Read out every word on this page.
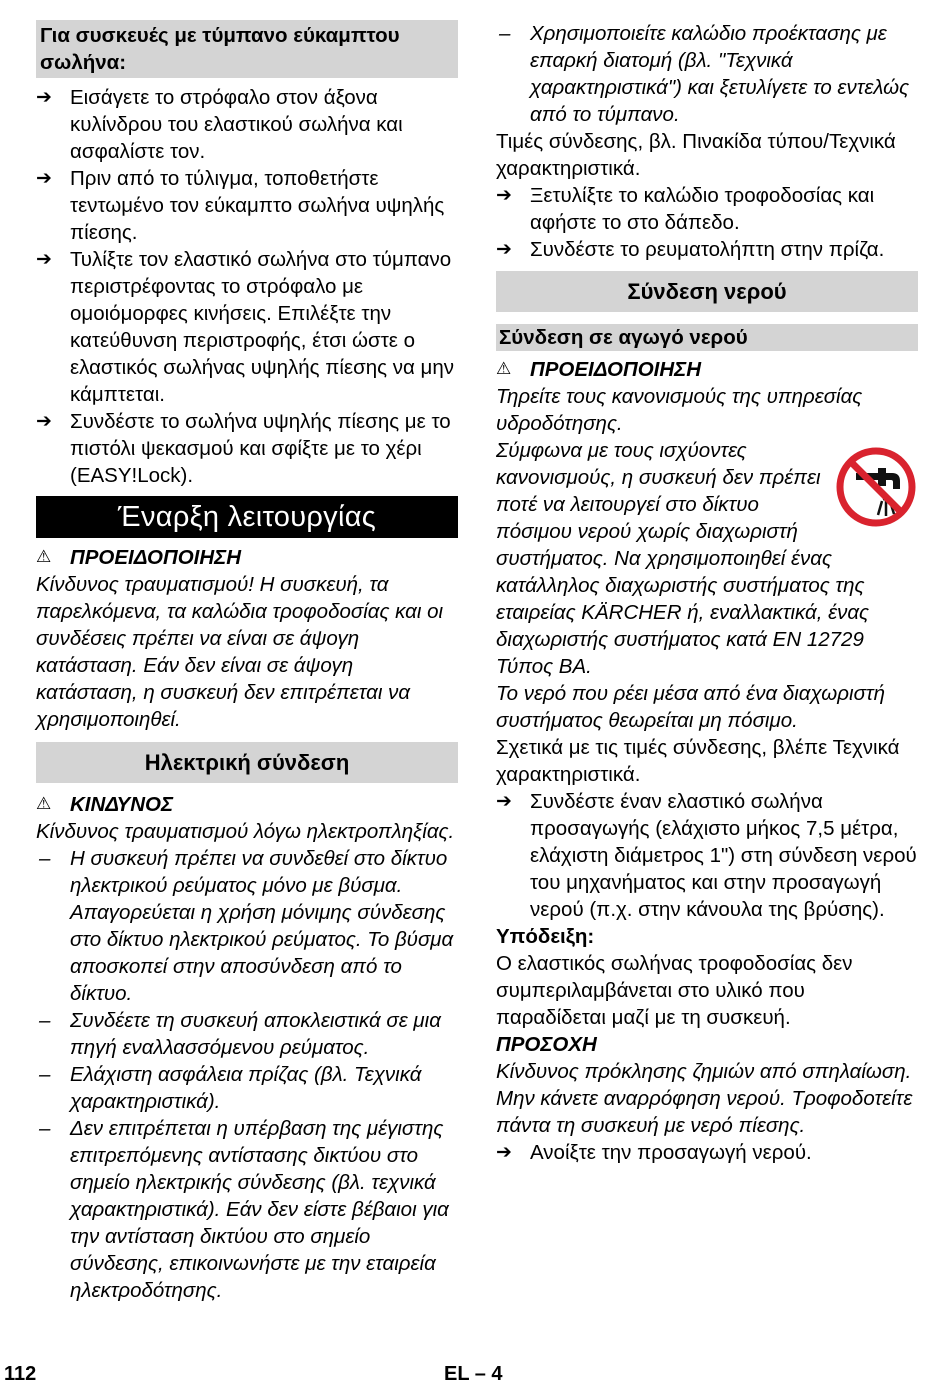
Για συσκευές με τύμπανο εύκαμπτου σωλήνα:
➔ Εισάγετε το στρόφαλο στον άξονα κυλίνδρου του ελαστικού σωλήνα και ασφαλίστε τον.
➔ Πριν από το τύλιγμα, τοποθετήστε τεντωμένο τον εύκαμπτο σωλήνα υψηλής πίεσης.
➔ Τυλίξτε τον ελαστικό σωλήνα στο τύμπανο περιστρέφοντας το στρόφαλο με ομοιόμορφες κινήσεις. Επιλέξτε την κατεύθυνση περιστροφής, έτσι ώστε ο ελαστικός σωλήνας υψηλής πίεσης να μην κάμπτεται.
➔ Συνδέστε το σωλήνα υψηλής πίεσης με το πιστόλι ψεκασμού και σφίξτε με το χέρι (EASY!Lock).
Έναρξη λειτουργίας
⚠ ΠΡΟΕΙΔΟΠΟΙΗΣΗ

Κίνδυνος τραυματισμού! Η συσκευή, τα παρελκόμενα, τα καλώδια τροφοδοσίας και οι συνδέσεις πρέπει να είναι σε άψογη κατάσταση. Εάν δεν είναι σε άψογη κατάσταση, η συσκευή δεν επιτρέπεται να χρησιμοποιηθεί.

Ηλεκτρική σύνδεση
⚠ ΚΙΝΔΥΝΟΣ

Κίνδυνος τραυματισμού λόγω ηλεκτροπληξίας.

– Η συσκευή πρέπει να συνδεθεί στο δίκτυο ηλεκτρικού ρεύματος μόνο με βύσμα. Απαγορεύεται η χρήση μόνιμης σύνδεσης στο δίκτυο ηλεκτρικού ρεύματος. Το βύσμα αποσκοπεί στην αποσύνδεση από το δίκτυο.
– Συνδέετε τη συσκευή αποκλειστικά σε μια πηγή εναλλασσόμενου ρεύματος.
– Ελάχιστη ασφάλεια πρίζας (βλ. Τεχνικά χαρακτηριστικά).
– Δεν επιτρέπεται η υπέρβαση της μέγιστης επιτρεπόμενης αντίστασης δικτύου στο σημείο ηλεκτρικής σύνδεσης (βλ. τεχνικά χαρακτηριστικά). Εάν δεν είστε βέβαιοι για την αντίσταση δικτύου στο σημείο σύνδεσης, επικοινωνήστε με την εταιρεία ηλεκτροδότησης.
– Χρησιμοποιείτε καλώδιο προέκτασης με επαρκή διατομή (βλ. "Τεχνικά χαρακτηριστικά") και ξετυλίγετε το εντελώς από το τύμπανο.

Τιμές σύνδεσης, βλ. Πινακίδα τύπου/Τεχνικά χαρακτηριστικά.

➔ Ξετυλίξτε το καλώδιο τροφοδοσίας και αφήστε το στο δάπεδο.
➔ Συνδέστε το ρευματολήπτη στην πρίζα.
Σύνδεση νερού
Σύνδεση σε αγωγό νερού
⚠ ΠΡΟΕΙΔΟΠΟΙΗΣΗ

Τηρείτε τους κανονισμούς της υπηρεσίας υδροδότησης.

Σύμφωνα με τους ισχύοντες κανονισμούς, η συσκευή δεν πρέπει ποτέ να λειτουργεί στο δίκτυο πόσιμου νερού χωρίς διαχωριστή συστήματος. Να χρησιμοποιηθεί ένας κατάλληλος διαχωριστής συστήματος της εταιρείας KÄRCHER ή, εναλλακτικά, ένας διαχωριστής συστήματος κατά EN 12729 Τύπος BA.

Το νερό που ρέει μέσα από ένα διαχωριστή συστήματος θεωρείται μη πόσιμο.

Σχετικά με τις τιμές σύνδεσης, βλέπε Τεχνικά χαρακτηριστικά.

➔ Συνδέστε έναν ελαστικό σωλήνα προσαγωγής (ελάχιστο μήκος 7,5 μέτρα, ελάχιστη διάμετρος 1") στη σύνδεση νερού του μηχανήματος και στην προσαγωγή νερού (π.χ. στην κάνουλα της βρύσης).

Υπόδειξη:

Ο ελαστικός σωλήνας τροφοδοσίας δεν συμπεριλαμβάνεται στο υλικό που παραδίδεται μαζί με τη συσκευή.

ΠΡΟΣΟΧΗ

Κίνδυνος πρόκλησης ζημιών από σπηλαίωση. Μην κάνετε αναρρόφηση νερού. Τροφοδοτείτε πάντα τη συσκευή με νερό πίεσης.

➔ Ανοίξτε την προσαγωγή νερού.
112	EL – 4
